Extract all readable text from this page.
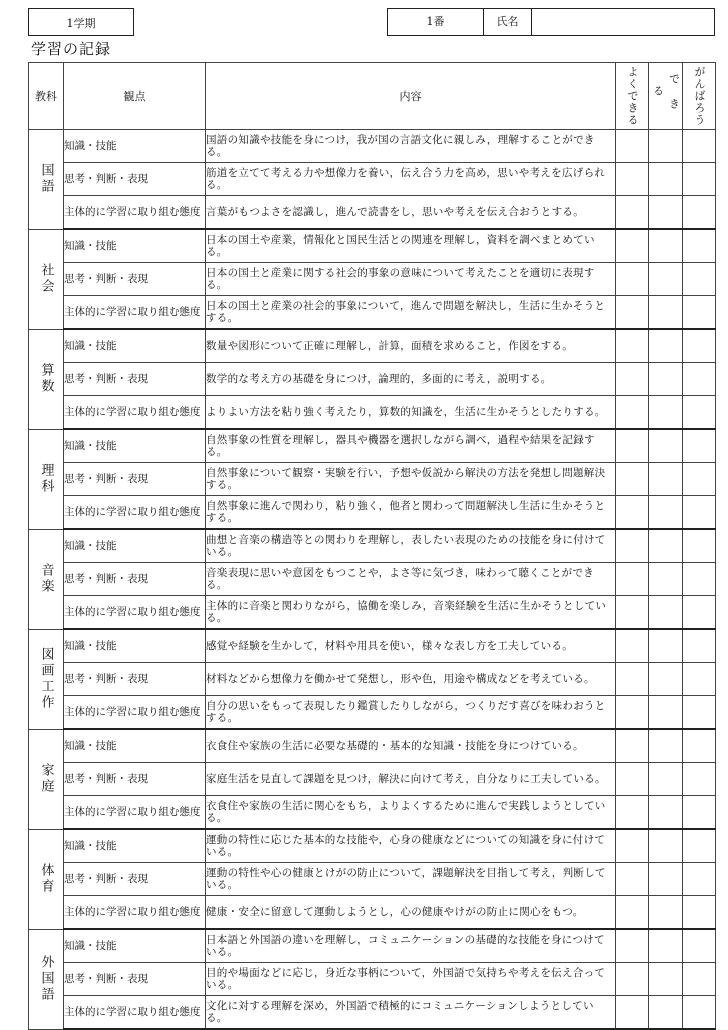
1学期	1番	氏名
学習の記録
教科	観点	内容	よくできる	できる	がんばろう

国語	知識・技能	国語の知識や技能を身につけ，我が国の言語文化に親しみ，理解することができる。			
	思考・判断・表現	筋道を立てて考える力や想像力を養い，伝え合う力を高め，思いや考えを広げられる。			
	主体的に学習に取り組む態度	言葉がもつよさを認識し，進んで読書をし，思いや考えを伝え合おうとする。			

社会	知識・技能	日本の国土や産業，情報化と国民生活との関連を理解し，資料を調べまとめている。			
	思考・判断・表現	日本の国土と産業に関する社会的事象の意味について考えたことを適切に表現する。			
	主体的に学習に取り組む態度	日本の国土と産業の社会的事象について，進んで問題を解決し，生活に生かそうとする。			

算数	知識・技能	数量や図形について正確に理解し，計算，面積を求めること，作図をする。			
	思考・判断・表現	数学的な考え方の基礎を身につけ，論理的，多面的に考え，説明する。			
	主体的に学習に取り組む態度	よりよい方法を粘り強く考えたり，算数的知識を，生活に生かそうとしたりする。			

理科	知識・技能	自然事象の性質を理解し，器具や機器を選択しながら調べ，過程や結果を記録する。			
	思考・判断・表現	自然事象について観察・実験を行い，予想や仮説から解決の方法を発想し問題解決する。			
	主体的に学習に取り組む態度	自然事象に進んで関わり，粘り強く，他者と関わって問題解決し生活に生かそうとする。			

音楽	知識・技能	曲想と音楽の構造等との関わりを理解し，表したい表現のための技能を身に付けている。			
	思考・判断・表現	音楽表現に思いや意図をもつことや，よさ等に気づき，味わって聴くことができる。			
	主体的に学習に取り組む態度	主体的に音楽と関わりながら，協働を楽しみ，音楽経験を生活に生かそうとしている。			

図画工作	知識・技能	感覚や経験を生かして，材料や用具を使い，様々な表し方を工夫している。			
	思考・判断・表現	材料などから想像力を働かせて発想し，形や色，用途や構成などを考えている。			
	主体的に学習に取り組む態度	自分の思いをもって表現したり鑑賞したりしながら，つくりだす喜びを味わおうとする。			

家庭	知識・技能	衣食住や家族の生活に必要な基礎的・基本的な知識・技能を身につけている。			
	思考・判断・表現	家庭生活を見直して課題を見つけ，解決に向けて考え，自分なりに工夫している。			
	主体的に学習に取り組む態度	衣食住や家族の生活に関心をもち，よりよくするために進んで実践しようとしている。			

体育	知識・技能	運動の特性に応じた基本的な技能や，心身の健康などについての知識を身に付けている。			
	思考・判断・表現	運動の特性や心の健康とけがの防止について，課題解決を目指して考え，判断している。			
	主体的に学習に取り組む態度	健康・安全に留意して運動しようとし，心の健康やけがの防止に関心をもつ。			

外国語	知識・技能	日本語と外国語の違いを理解し，コミュニケーションの基礎的な技能を身につけている。			
	思考・判断・表現	目的や場面などに応じ，身近な事柄について，外国語で気持ちや考えを伝え合っている。			
	主体的に学習に取り組む態度	文化に対する理解を深め，外国語で積極的にコミュニケーションしようとしている。			
